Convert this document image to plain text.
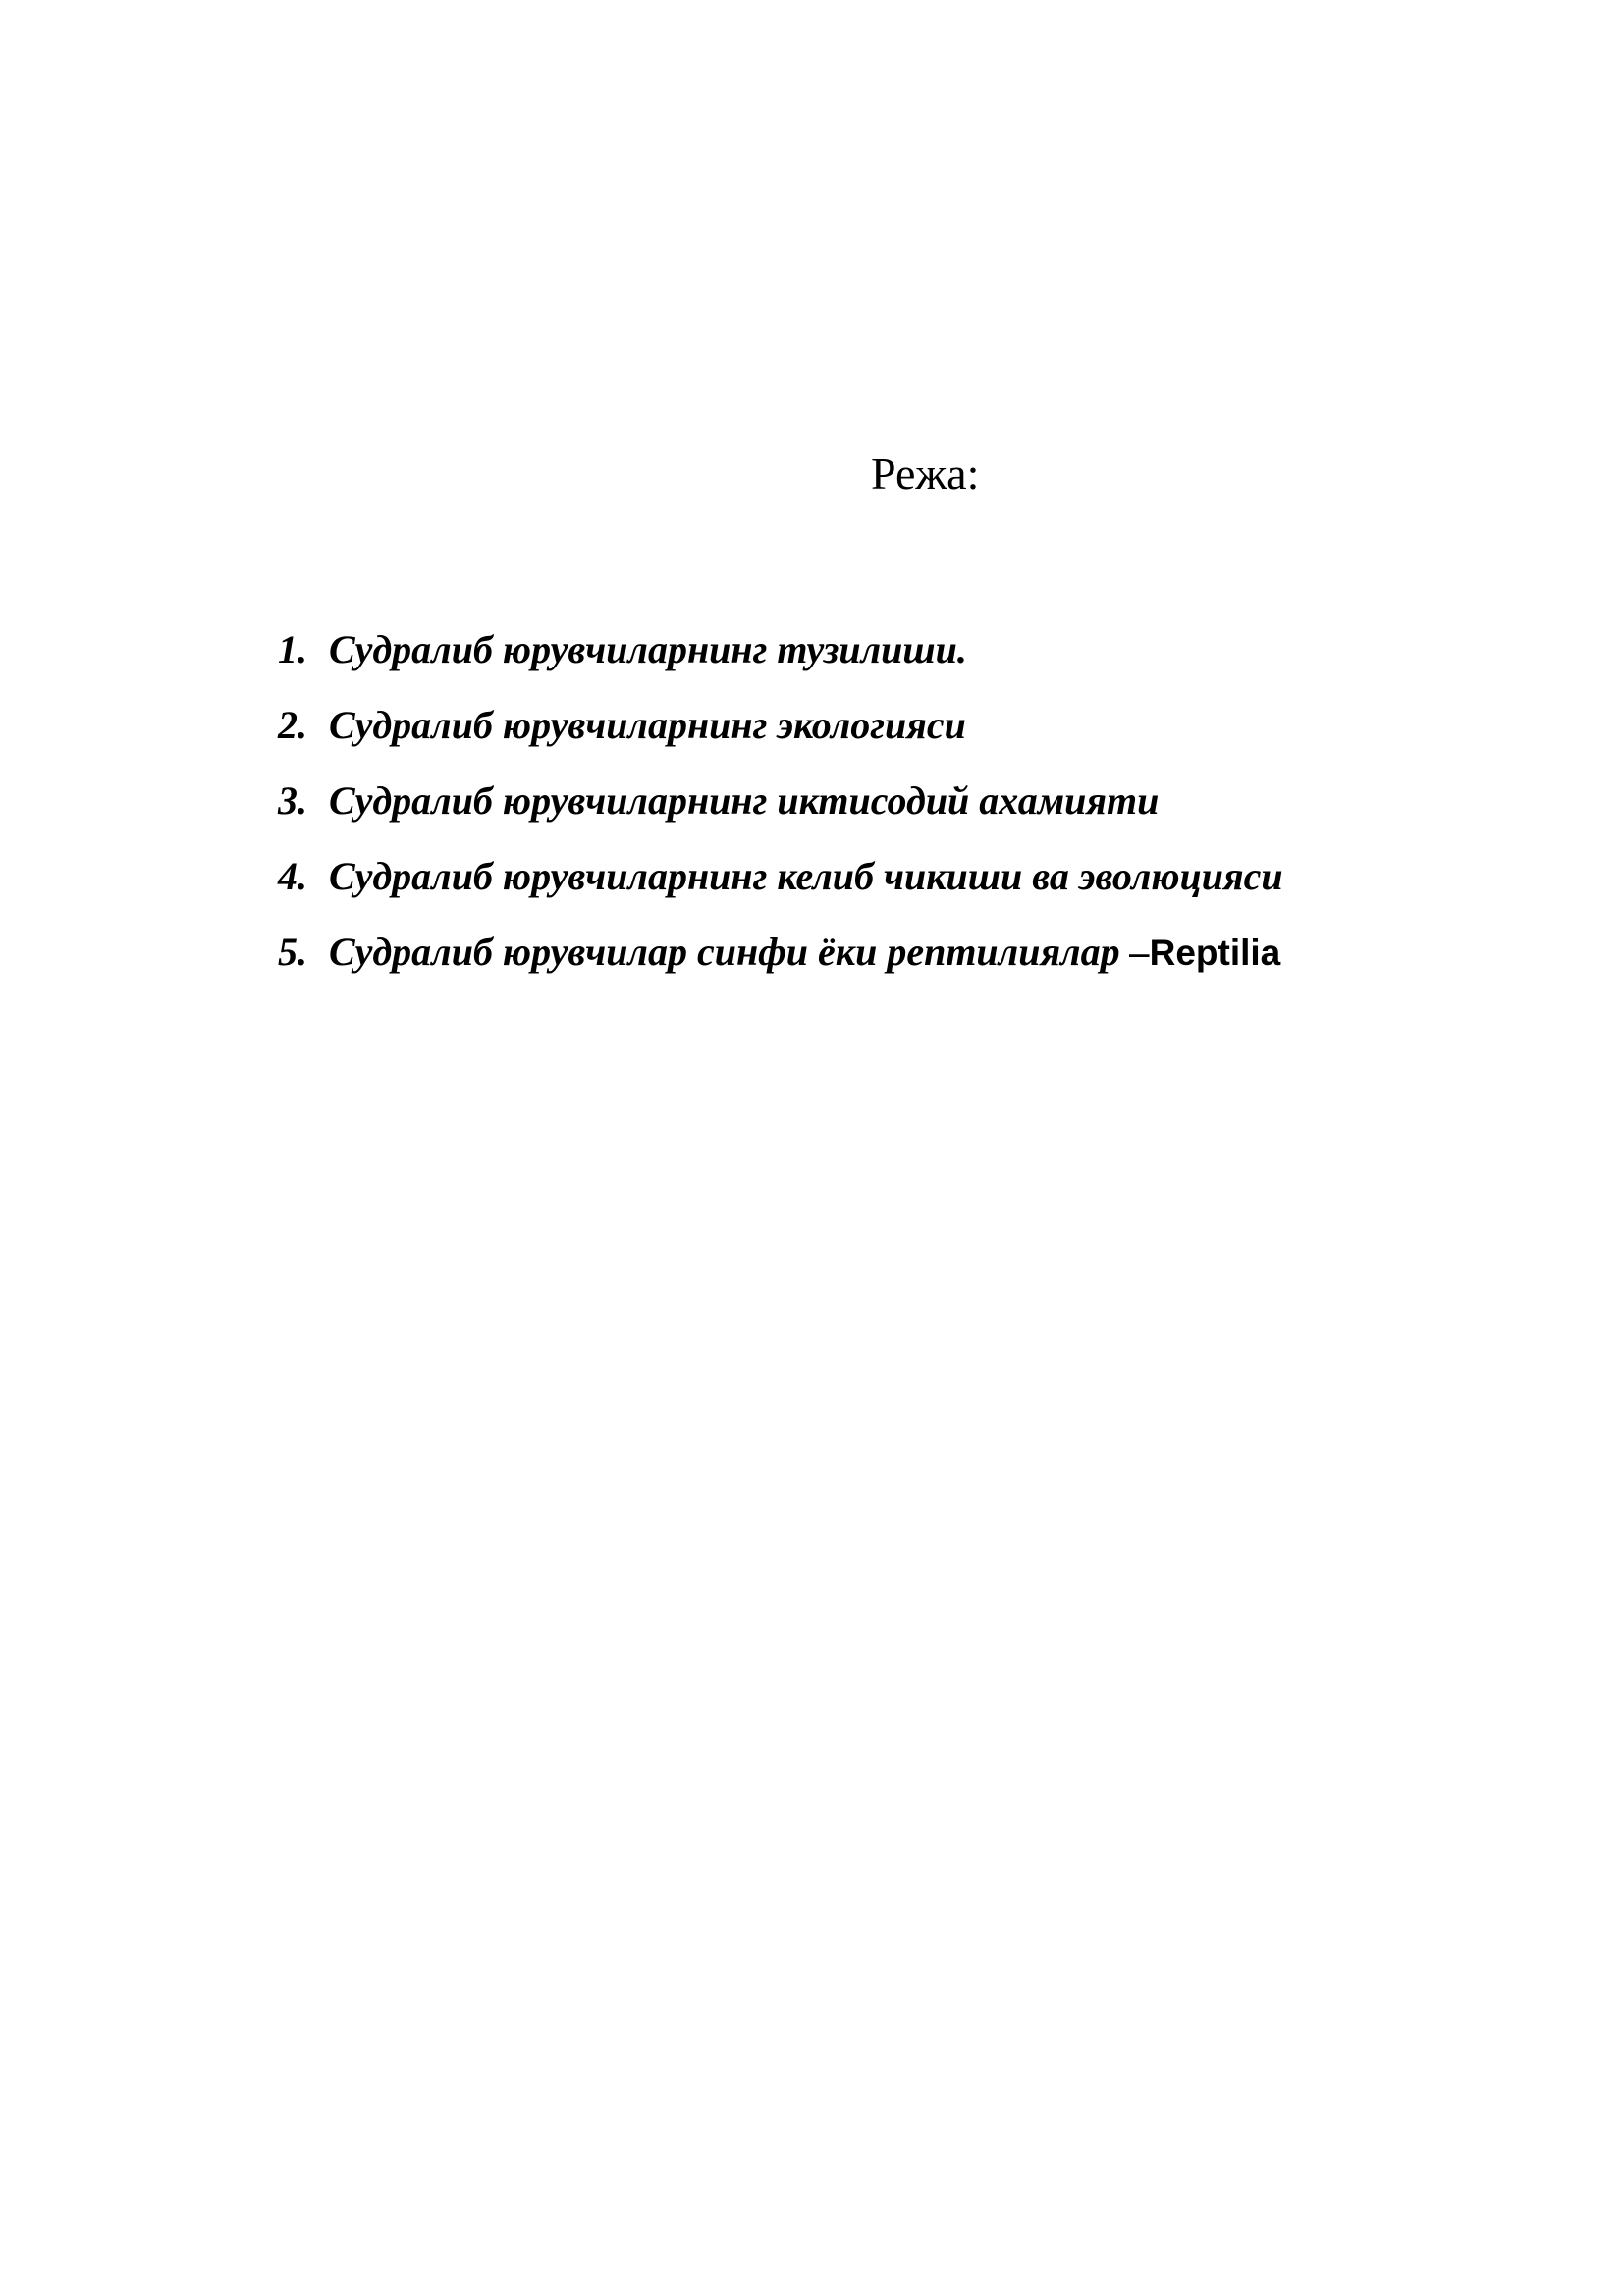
Режа:
1. Судралиб юрувчиларнинг тузилиши.
2. Судралиб юрувчиларнинг экологияси
3. Судралиб юрувчиларнинг иктисодий ахамияти
4. Судралиб юрувчиларнинг келиб чикиши ва эволюцияси
5. Судралиб юрувчилар синфи ёки рептилиялар – Reptilia
